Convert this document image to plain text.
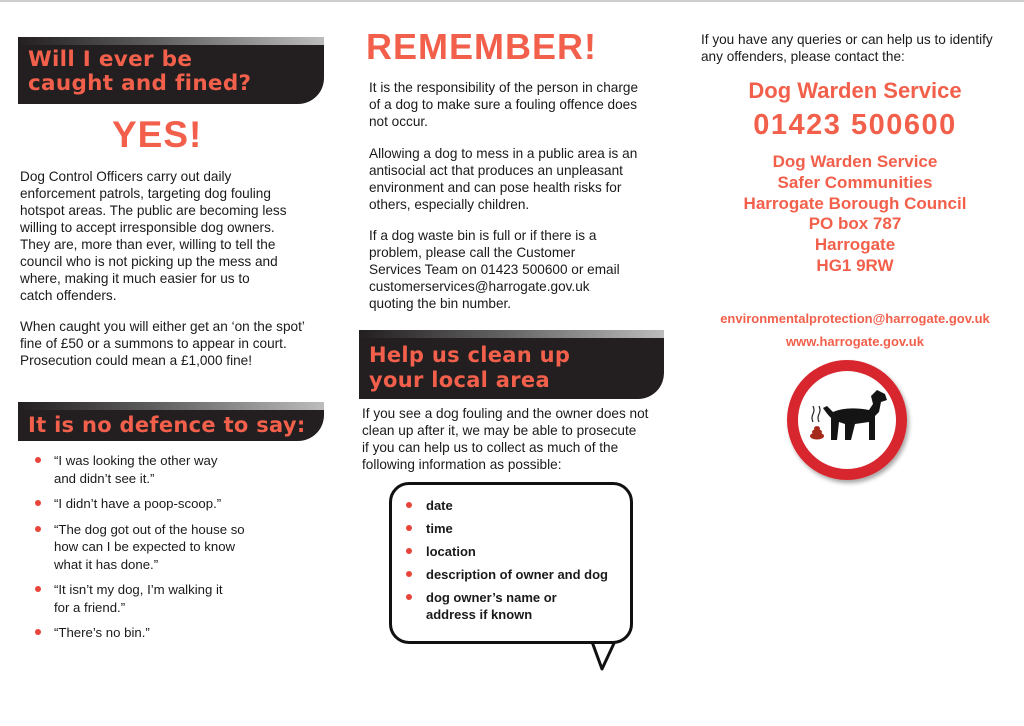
Will I ever be
caught and fined?
YES!
Dog Control Officers carry out daily
enforcement patrols, targeting dog fouling
hotspot areas. The public are becoming less
willing to accept irresponsible dog owners.
They are, more than ever, willing to tell the
council who is not picking up the mess and
where, making it much easier for us to
catch offenders.
When caught you will either get an ‘on the spot’
fine of £50 or a summons to appear in court.
Prosecution could mean a £1,000 fine!
It is no defence to say:
“I was looking the other way
and didn’t see it.”
“I didn’t have a poop-scoop.”
“The dog got out of the house so
how can I be expected to know
what it has done.”
“It isn’t my dog, I’m walking it
for a friend.”
“There’s no bin.”
REMEMBER!
It is the responsibility of the person in charge
of a dog to make sure a fouling offence does
not occur.
Allowing a dog to mess in a public area is an
antisocial act that produces an unpleasant
environment and can pose health risks for
others, especially children.
If a dog waste bin is full or if there is a
problem, please call the Customer
Services Team on 01423 500600 or email
customerservices@harrogate.gov.uk
quoting the bin number.
Help us clean up
your local area
If you see a dog fouling and the owner does not
clean up after it, we may be able to prosecute
if you can help us to collect as much of the
following information as possible:
date
time
location
description of owner and dog
dog owner’s name or
address if known
If you have any queries or can help us to identify
any offenders, please contact the:
Dog Warden Service
01423 500600
Dog Warden Service
Safer Communities
Harrogate Borough Council
PO box 787
Harrogate
HG1 9RW
environmentalprotection@harrogate.gov.uk
www.harrogate.gov.uk
